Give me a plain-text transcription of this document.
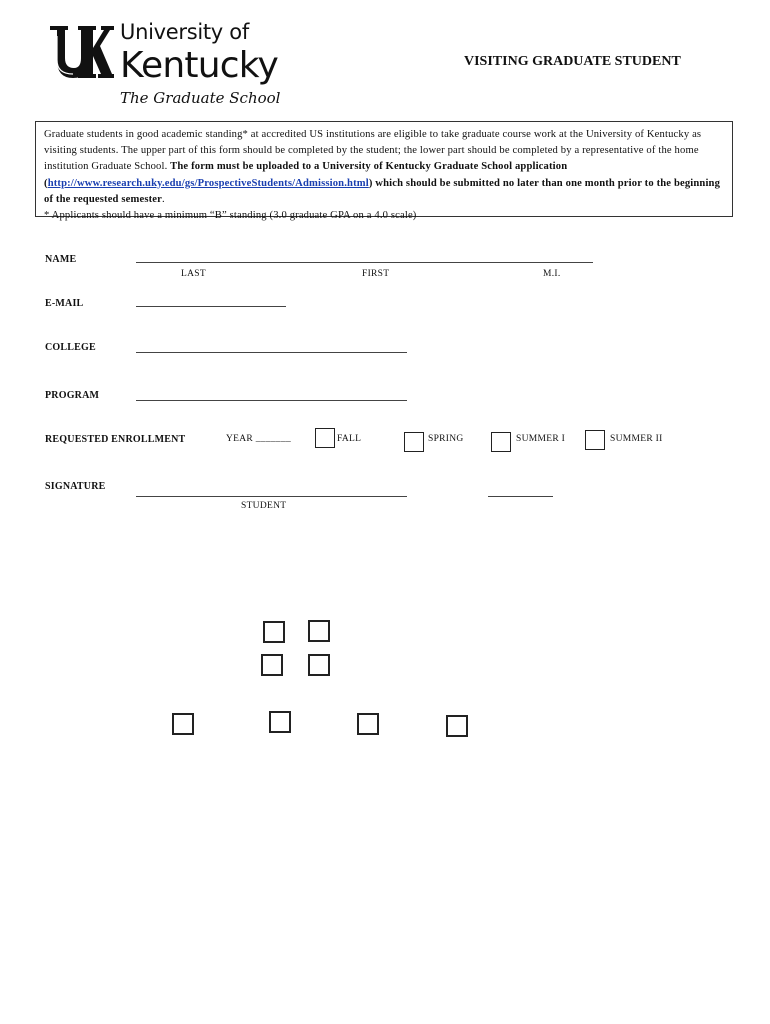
University of
Kentucky
The Graduate School
VISITING GRADUATE STUDENT
Graduate students in good academic standing* at accredited US institutions are eligible to take graduate course work at the University of Kentucky as visiting students. The upper part of this form should be completed by the student; the lower part should be completed by a representative of the home institution Graduate School. The form must be uploaded to a University of Kentucky Graduate School application (http://www.research.uky.edu/gs/ProspectiveStudents/Admission.html) which should be submitted no later than one month prior to the beginning of the requested semester.
* Applicants should have a minimum “B” standing (3.0 graduate GPA on a 4.0 scale)
NAME
LAST	FIRST	M.I.
E-MAIL
COLLEGE
PROGRAM
REQUESTED ENROLLMENT	YEAR _______	FALL	SPRING	SUMMER I	SUMMER II
SIGNATURE
STUDENT
